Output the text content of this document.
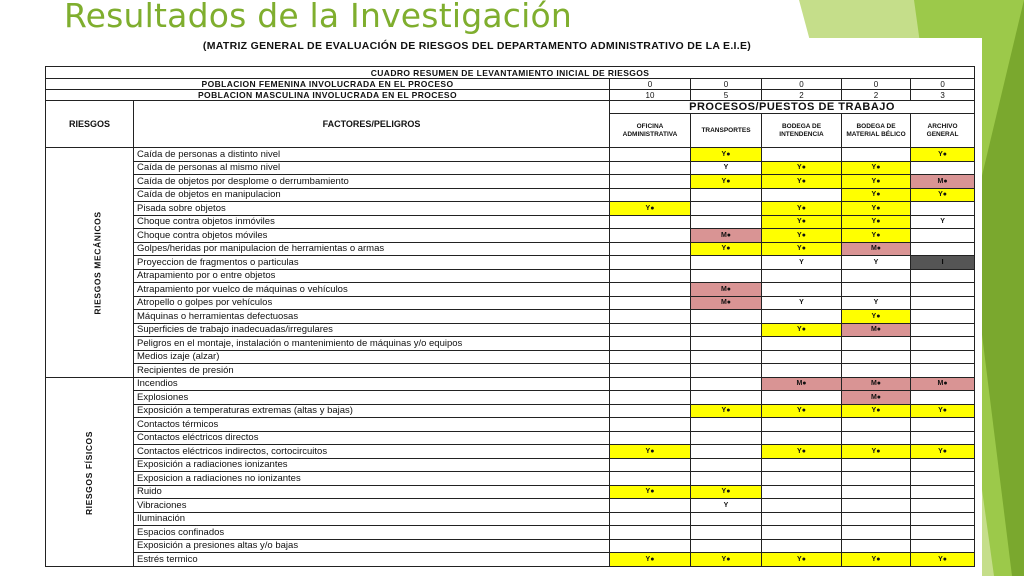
Resultados de la Investigación
(MATRIZ GENERAL DE EVALUACIÓN DE RIESGOS DEL DEPARTAMENTO ADMINISTRATIVO DE LA E.I.E)
CUADRO RESUMEN DE LEVANTAMIENTO INICIAL DE RIESGOS						
POBLACION FEMENINA INVOLUCRADA EN EL PROCESO		0	0	0	0	0
POBLACION MASCULINA INVOLUCRADA EN EL PROCESO		10	5	2	2	3
RIESGOS	FACTORES/PELIGROS	PROCESOS/PUESTOS DE TRABAJO				
		OFICINA ADMINISTRATIVA	TRANSPORTES	BODEGA DE INTENDENCIA	BODEGA DE MATERIAL BÉLICO	ARCHIVO GENERAL
RIESGOS MECÁNICOS	Caída de personas a distinto nivel		Y●			Y●
	Caída de personas al mismo nivel		Y	Y●	Y●	
	Caída de objetos por desplome o derrumbamiento		Y●	Y●	Y●	M●
	Caída de objetos en manipulacion				Y●	Y●
	Pisada sobre objetos	Y●		Y●	Y●	
	Choque contra objetos inmóviles			Y●	Y●	Y
	Choque contra objetos móviles		M●	Y●	Y●	
	Golpes/heridas por manipulacion de herramientas o armas		Y●	Y●	M●	
	Proyeccion de fragmentos o particulas			Y	Y	I
	Atrapamiento por o entre objetos					
	Atrapamiento por vuelco de máquinas o vehículos		M●			
	Atropello o golpes por vehículos		M●	Y	Y	
	Máquinas o herramientas defectuosas				Y●	
	Superficies de trabajo inadecuadas/irregulares			Y●	M●	
	Peligros en el montaje, instalación o mantenimiento de máquinas y/o equipos					
	Medios izaje (alzar)					
	Recipientes de presión					
RIESGOS FÍSICOS	Incendios			M●	M●	M●
	Explosiones				M●	
	Exposición a temperaturas extremas (altas y bajas)		Y●	Y●	Y●	Y●
	Contactos térmicos					
	Contactos eléctricos directos					
	Contactos eléctricos indirectos, cortocircuitos	Y●		Y●	Y●	Y●
	Exposición a radiaciones ionizantes					
	Exposicion a radiaciones no ionizantes					
	Ruido	Y●	Y●			
	Vibraciones		Y			
	Iluminación					
	Espacios confinados					
	Exposición a presiones altas y/o bajas					
	Estrés termico	Y●	Y●	Y●	Y●	Y●
